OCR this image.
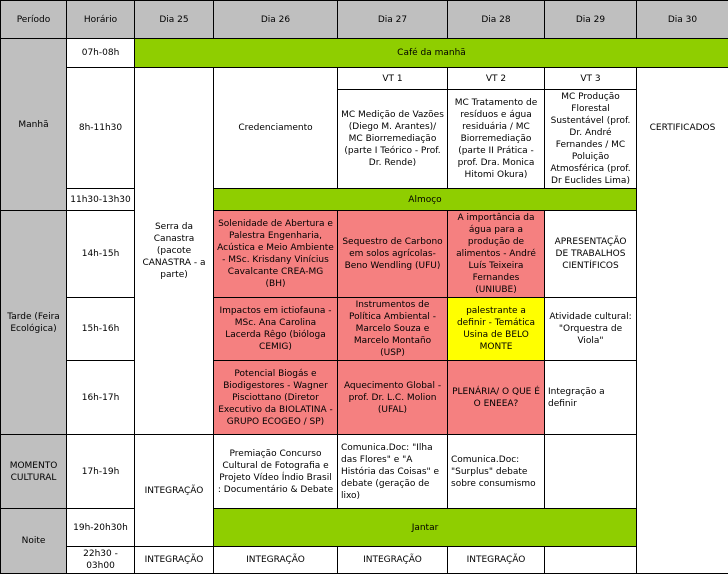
Período	Horário	Dia 25	Dia 26	Dia 27	Dia 28	Dia 29	Dia 30
Manhã	07h-08h	Café da manhã					
	8h-11h30	Serra da Canastra (pacote CANASTRA - a parte)	Credenciamento	VT 1	VT 2	VT 3	CERTIFICADOS
				MC Medição de Vazões (Diego M. Arantes)/ MC Biorremediação (parte I Teórico - Prof. Dr. Rende)	MC Tratamento de resíduos e água residuária / MC Biorremediação (parte II Prática - prof. Dra. Monica Hitomi Okura)	MC Produção Florestal Sustentável (prof. Dr. André Fernandes / MC Poluição Atmosférica (prof. Dr Euclides Lima)	
	11h30-13h30		Almoço				
Tarde (Feira Ecológica)	14h-15h		Solenidade de Abertura e Palestra Engenharia, Acústica e Meio Ambiente - MSc. Krisdany Vinícius Cavalcante CREA-MG (BH)	Sequestro de Carbono em solos agrícolas- Beno Wendling (UFU)	A importância da água para a produção de alimentos - André Luís Teixeira Fernandes (UNIUBE)	APRESENTAÇÃO DE TRABALHOS CIENTÍFICOS	
	15h-16h		Impactos em ictiofauna - MSc. Ana Carolina Lacerda Rêgo (bióloga CEMIG)	Instrumentos de Política Ambiental - Marcelo Souza e Marcelo Montaño (USP)	palestrante a definir - Temática Usina de BELO MONTE	Atividade cultural: "Orquestra de Viola"	
	16h-17h		Potencial Biogás e Biodigestores - Wagner Pisciottano (Diretor Executivo da BIOLATINA - GRUPO ECOGEO / SP)	Aquecimento Global - prof. Dr. L.C. Molion (UFAL)	PLENÁRIA/ O QUE É O ENEEA?	Integração a definir	
MOMENTO CULTURAL	17h-19h	INTEGRAÇÃO	Premiação Concurso Cultural de Fotografia e Projeto Vídeo Índio Brasil : Documentário & Debate	Comunica.Doc: "Ilha das Flores" e "A História das Coisas" e debate (geração de lixo)	Comunica.Doc: "Surplus" debate sobre consumismo		
Noite	19h-20h30h		Jantar				
	22h30 - 03h00	INTEGRAÇÃO	INTEGRAÇÃO	INTEGRAÇÃO	INTEGRAÇÃO		
